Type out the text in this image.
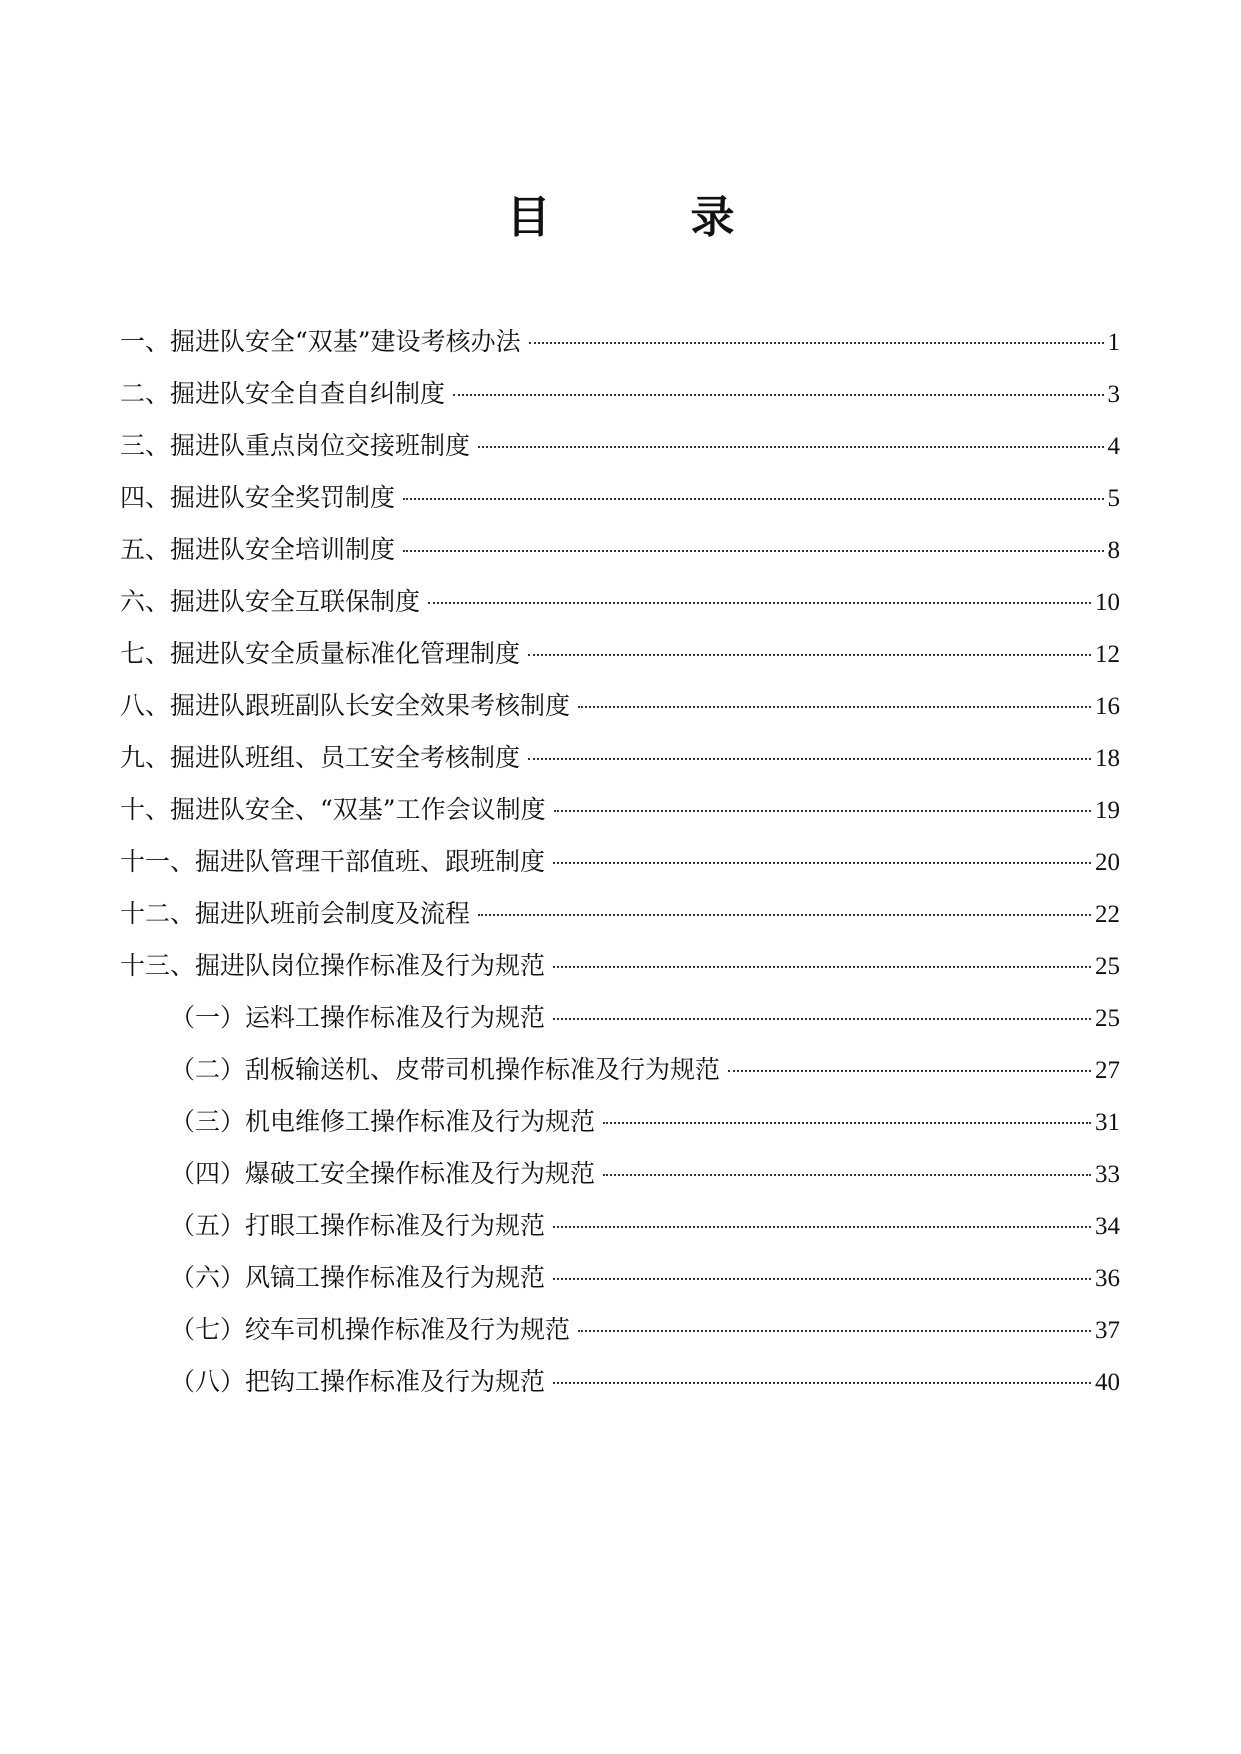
目　录
一、掘进队安全“双基”建设考核办法	1
二、掘进队安全自查自纠制度	3
三、掘进队重点岗位交接班制度	4
四、掘进队安全奖罚制度	5
五、掘进队安全培训制度	8
六、掘进队安全互联保制度	10
七、掘进队安全质量标准化管理制度	12
八、掘进队跟班副队长安全效果考核制度	16
九、掘进队班组、员工安全考核制度	18
十、掘进队安全、“双基”工作会议制度	19
十一、掘进队管理干部值班、跟班制度	20
十二、掘进队班前会制度及流程	22
十三、掘进队岗位操作标准及行为规范	25
（一）运料工操作标准及行为规范	25
（二）刮板输送机、皮带司机操作标准及行为规范	27
（三）机电维修工操作标准及行为规范	31
（四）爆破工安全操作标准及行为规范	33
（五）打眼工操作标准及行为规范	34
（六）风镐工操作标准及行为规范	36
（七）绞车司机操作标准及行为规范	37
（八）把钩工操作标准及行为规范	40
